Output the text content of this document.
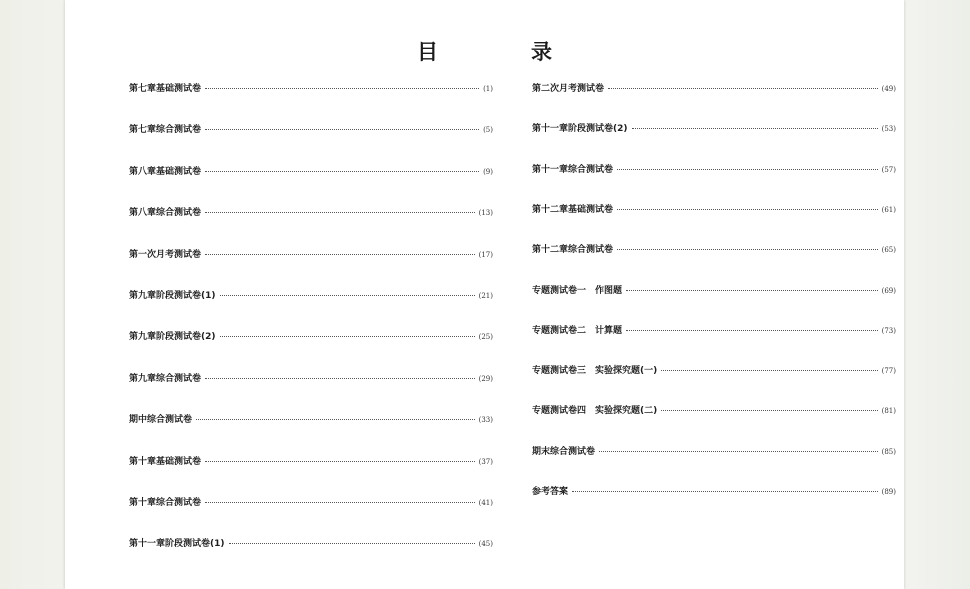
目　录
第七章基础测试卷	(1)
第七章综合测试卷	(5)
第八章基础测试卷	(9)
第八章综合测试卷	(13)
第一次月考测试卷	(17)
第九章阶段测试卷(1)	(21)
第九章阶段测试卷(2)	(25)
第九章综合测试卷	(29)
期中综合测试卷	(33)
第十章基础测试卷	(37)
第十章综合测试卷	(41)
第十一章阶段测试卷(1)	(45)
第二次月考测试卷	(49)
第十一章阶段测试卷(2)	(53)
第十一章综合测试卷	(57)
第十二章基础测试卷	(61)
第十二章综合测试卷	(65)
专题测试卷一　作图题	(69)
专题测试卷二　计算题	(73)
专题测试卷三　实验探究题(一)	(77)
专题测试卷四　实验探究题(二)	(81)
期末综合测试卷	(85)
参考答案	(89)
